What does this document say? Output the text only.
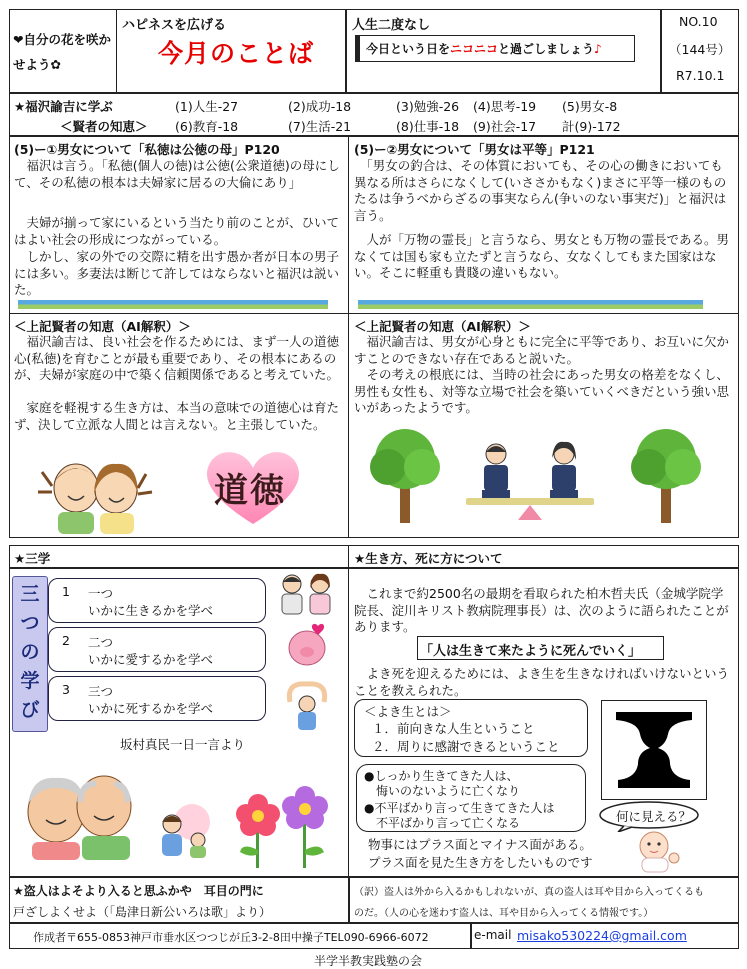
❤自分の花を咲かせよう✿
ハピネスを広げる
今月のことば
人生二度なし
今日という日をニコニコと過ごしましょう♪
NO.10
（144号）
R7.10.1
★福沢諭吉に学ぶ
＜賢者の知恵＞
(1)人生-27	(2)成功-18	(3)勉強-26 (4)思考-19 (5)男女-8
(6)教育-18	(7)生活-21	(8)仕事-18 (9)社会-17 計(9)-172
(5)ー①男女について「私徳は公徳の母」P120
　福沢は言う。「私徳(個人の徳)は公徳(公衆道徳)の母にして、その私徳の根本は夫婦家に居るの大倫にあり」
　夫婦が揃って家にいるという当たり前のことが、ひいてはよい社会の形成につながっている。
　しかし、家の外での交際に精を出す愚か者が日本の男子には多い。多妻法は断じて許してはならないと福沢は説いた。
(5)ー②男女について「男女は平等」P121
　「男女の釣合は、その体質においても、その心の働きにおいても異なる所はさらになくして(いささかもなく)まさに平等一様のものたるは争うべからざるの事実ならん(争いのない事実だ)」と福沢は言う。
　人が「万物の霊長」と言うなら、男女とも万物の霊長である。男なくては国も家も立たずと言うなら、女なくしてもまた国家はない。そこに軽重も貴賤の違いもない。
＜上記賢者の知恵（AI解釈）＞
　福沢諭吉は、良い社会を作るためには、まず一人の道徳心(私徳)を育むことが最も重要であり、その根本にあるのが、夫婦が家庭の中で築く信頼関係であると考えていた。
　家庭を軽視する生き方は、本当の意味での道徳心は育たず、決して立派な人間とは言えない。と主張していた。
道徳
＜上記賢者の知恵（AI解釈）＞
　福沢諭吉は、男女が心身ともに完全に平等であり、お互いに欠かすことのできない存在であると説いた。
　その考えの根底には、当時の社会にあった男女の格差をなくし、男性も女性も、対等な立場で社会を築いていくべきだという強い思いがあったようです。
★三学	★生き方、死に方について
三
つ
の
学
び
1 一つ
いかに生きるかを学べ
2 二つ
いかに愛するかを学べ
3 三つ
いかに死するかを学べ
坂村真民一日一言より
　これまで約2500名の最期を看取られた柏木哲夫氏（金城学院学院長、淀川キリスト教病院理事長）は、次のように語られたことがあります。
「人は生きて来たように死んでいく」
　よき死を迎えるためには、よき生を生きなければいけないということを教えられた。
＜よき生とは＞
１．前向きな人生ということ
２．周りに感謝できるということ
●しっかり生きてきた人は、
　悔いのないように亡くなり
●不平ばかり言って生きてきた人は
　不平ばかり言って亡くなる	何に見える？
物事にはプラス面とマイナス面がある。
プラス面を見た生き方をしたいものです
★盗人はよそより入ると思ふかや　耳目の門に
戸ざしよくせよ（「島津日新公いろは歌」より）
（訳）盗人は外から入るかもしれないが、真の盗人は耳や目から入ってくるも
のだ。（人の心を迷わす盗人は、耳や目から入ってくる情報です。）
作成者〒655-0853神戸市垂水区つつじが丘3-2-8田中操子TEL090-6966-6072	e-mail misako530224@gmail.com
半学半教実践塾の会
